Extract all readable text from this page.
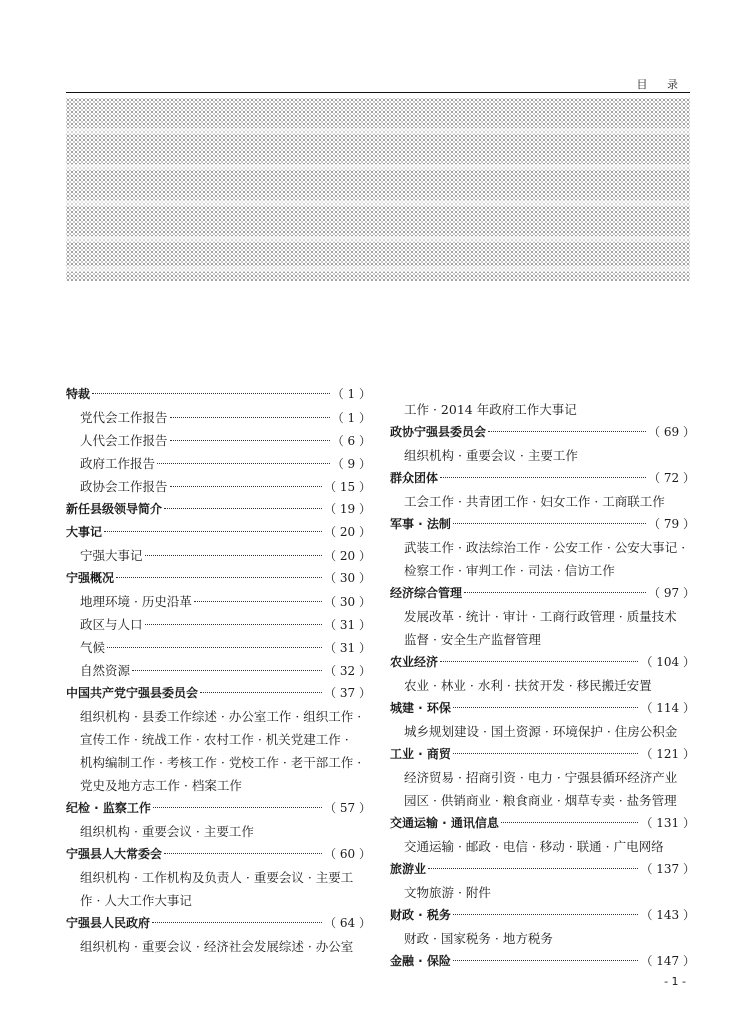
目 录
特裁	（ 1 ）
党代会工作报告	（ 1 ）
人代会工作报告	（ 6 ）
政府工作报告	（ 9 ）
政协会工作报告	（ 15 ）
新任县级领导简介	（ 19 ）
大事记	（ 20 ）
宁强大事记	（ 20 ）
宁强概况	（ 30 ）
地理环境 · 历史沿革	（ 30 ）
政区与人口	（ 31 ）
气候	（ 31 ）
自然资源	（ 32 ）
中国共产党宁强县委员会	（ 37 ）
组织机构 · 县委工作综述 · 办公室工作 · 组织工作 ·
宣传工作 · 统战工作 · 农村工作 · 机关党建工作 ·
机构编制工作 · 考核工作 · 党校工作 · 老干部工作 ·
党史及地方志工作 · 档案工作
纪检 · 监察工作	（ 57 ）
组织机构 · 重要会议 · 主要工作
宁强县人大常委会	（ 60 ）
组织机构 · 工作机构及负责人 · 重要会议 · 主要工
作 · 人大工作大事记
宁强县人民政府	（ 64 ）
组织机构 · 重要会议 · 经济社会发展综述 · 办公室
工作 · 2014 年政府工作大事记
政协宁强县委员会	（ 69 ）
组织机构 · 重要会议 · 主要工作
群众团体	（ 72 ）
工会工作 · 共青团工作 · 妇女工作 · 工商联工作
军事 · 法制	（ 79 ）
武装工作 · 政法综治工作 · 公安工作 · 公安大事记 ·
检察工作 · 审判工作 · 司法 · 信访工作
经济综合管理	（ 97 ）
发展改革 · 统计 · 审计 · 工商行政管理 · 质量技术
监督 · 安全生产监督管理
农业经济	（ 104 ）
农业 · 林业 · 水利 · 扶贫开发 · 移民搬迁安置
城建 · 环保	（ 114 ）
城乡规划建设 · 国土资源 · 环境保护 · 住房公积金
工业 · 商贸	（ 121 ）
经济贸易 · 招商引资 · 电力 · 宁强县循环经济产业
园区 · 供销商业 · 粮食商业 · 烟草专卖 · 盐务管理
交通运输 · 通讯信息	（ 131 ）
交通运输 · 邮政 · 电信 · 移动 · 联通 · 广电网络
旅游业	（ 137 ）
文物旅游 · 附件
财政 · 税务	（ 143 ）
财政 · 国家税务 · 地方税务
金融 · 保险	（ 147 ）
- 1 -
